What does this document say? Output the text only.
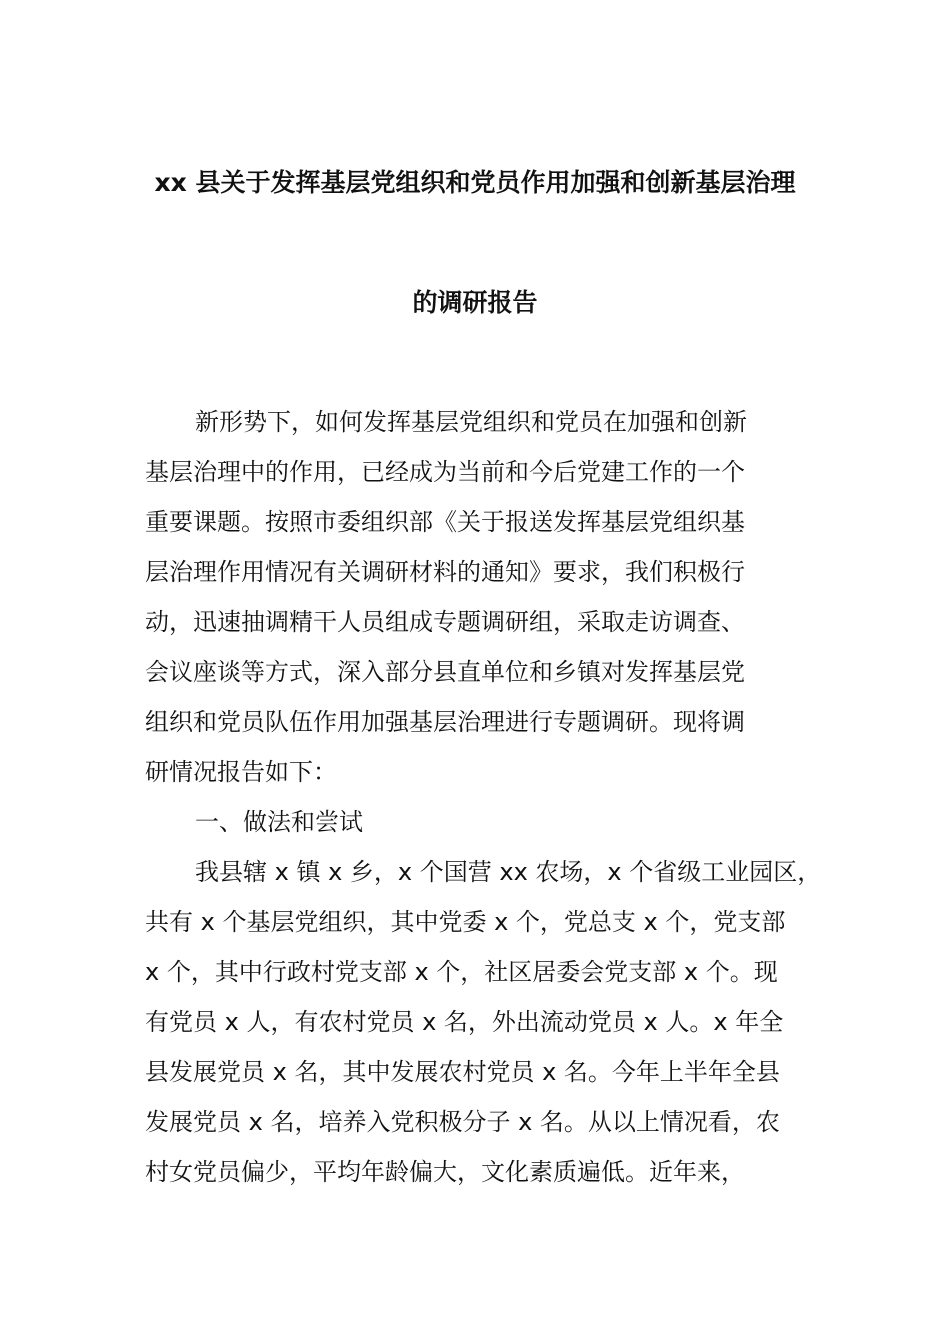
xx 县关于发挥基层党组织和党员作用加强和创新基层治理
的调研报告
新形势下，如何发挥基层党组织和党员在加强和创新
基层治理中的作用，已经成为当前和今后党建工作的一个
重要课题。按照市委组织部《关于报送发挥基层党组织基
层治理作用情况有关调研材料的通知》要求，我们积极行
动，迅速抽调精干人员组成专题调研组，采取走访调查、
会议座谈等方式，深入部分县直单位和乡镇对发挥基层党
组织和党员队伍作用加强基层治理进行专题调研。现将调
研情况报告如下：
一、做法和尝试
我县辖 x 镇 x 乡，x 个国营 xx 农场，x 个省级工业园区，
共有 x 个基层党组织，其中党委 x 个，党总支 x 个，党支部
x 个，其中行政村党支部 x 个，社区居委会党支部 x 个。现
有党员 x 人，有农村党员 x 名，外出流动党员 x 人。x 年全
县发展党员 x 名，其中发展农村党员 x 名。今年上半年全县
发展党员 x 名，培养入党积极分子 x 名。从以上情况看，农
村女党员偏少，平均年龄偏大，文化素质遍低。近年来，
